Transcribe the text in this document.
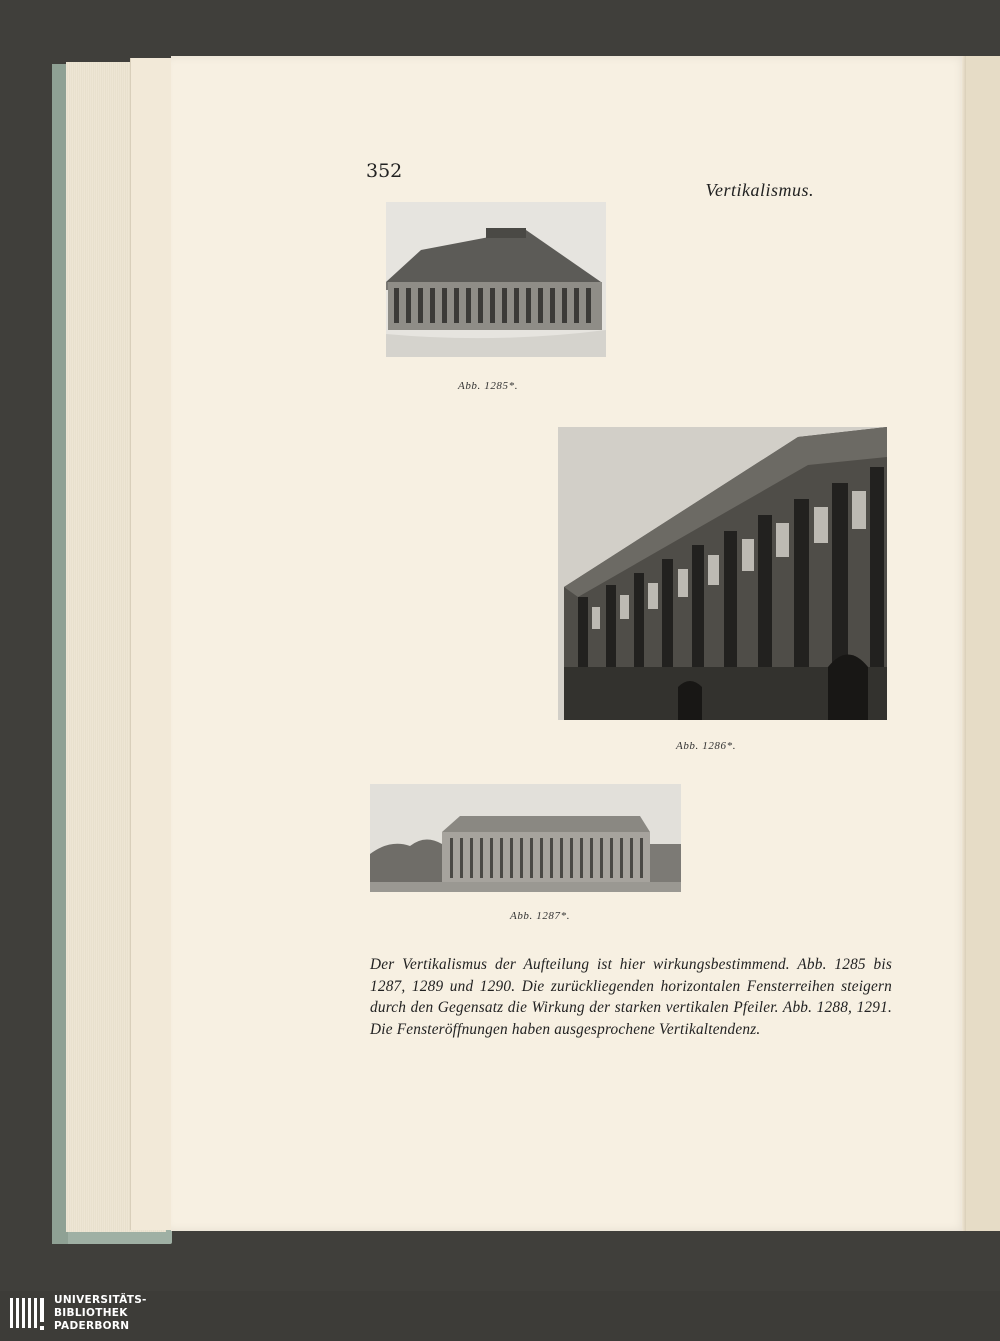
352
Vertikalismus.
Abb. 1285*.
Abb. 1286*.
Abb. 1287*.
Der Vertikalismus der Aufteilung ist hier wirkungsbestimmend. Abb. 1285 bis 1287, 1289 und 1290. Die zurückliegenden horizontalen Fensterreihen steigern durch den Gegensatz die Wirkung der starken vertikalen Pfeiler. Abb. 1288, 1291. Die Fensteröffnungen haben ausgesprochene Vertikaltendenz.
UNIVERSITÄTS-
BIBLIOTHEK
PADERBORN
